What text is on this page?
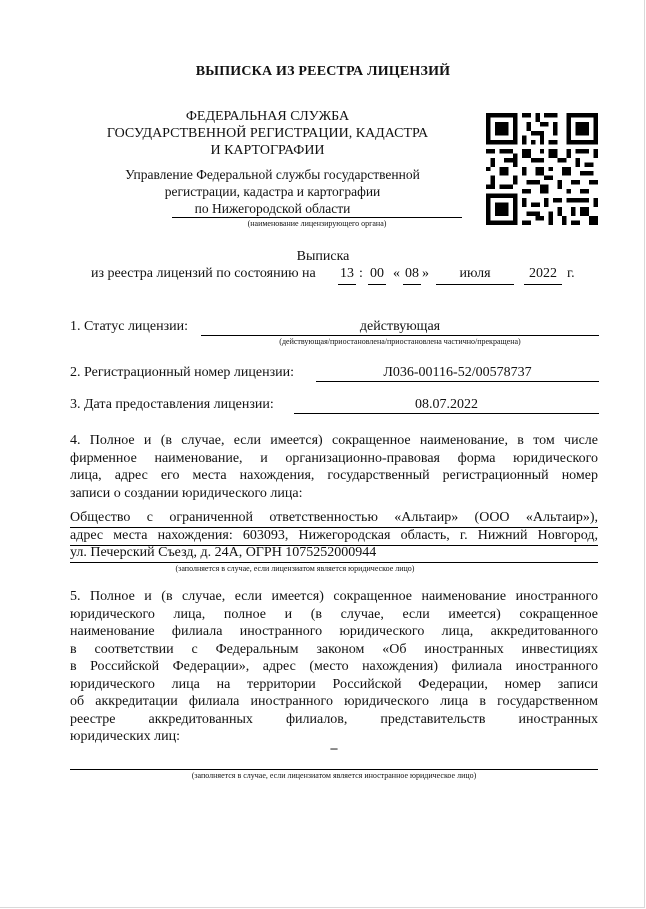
ВЫПИСКА ИЗ РЕЕСТРА ЛИЦЕНЗИЙ
ФЕДЕРАЛЬНАЯ СЛУЖБА
ГОСУДАРСТВЕННОЙ РЕГИСТРАЦИИ, КАДАСТРА
И КАРТОГРАФИИ
Управление Федеральной службы государственной
регистрации, кадастра и картографии
по Нижегородской области
(наименование лицензирующего органа)
Выписка
из реестра лицензий по состоянию на 13 : 00 « 08 »	июля	2022 г.
1. Статус лицензии:	действующая
(действующая/приостановлена/приостановлена частично/прекращена)
2. Регистрационный номер лицензии:	Л036-00116-52/00578737
3. Дата предоставления лицензии:	08.07.2022
4. Полное и (в случае, если имеется) сокращенное наименование, в том числе
фирменное наименование, и организационно-правовая форма юридического
лица, адрес его места нахождения, государственный регистрационный номер
записи о создании юридического лица:
Общество с ограниченной ответственностью «Альтаир» (ООО «Альтаир»),
адрес места нахождения: 603093, Нижегородская область, г. Нижний Новгород,
ул. Печерский Съезд, д. 24А, ОГРН 1075252000944
(заполняется в случае, если лицензиатом является юридическое лицо)
5. Полное и (в случае, если имеется) сокращенное наименование иностранного
юридического лица, полное и (в случае, если имеется) сокращенное
наименование филиала иностранного юридического лица, аккредитованного
в соответствии с Федеральным законом «Об иностранных инвестициях
в Российской Федерации», адрес (место нахождения) филиала иностранного
юридического лица на территории Российской Федерации, номер записи
об аккредитации филиала иностранного юридического лица в государственном
реестре аккредитованных филиалов, представительств иностранных
юридических лиц:
–
(заполняется в случае, если лицензиатом является иностранное юридическое лицо)
